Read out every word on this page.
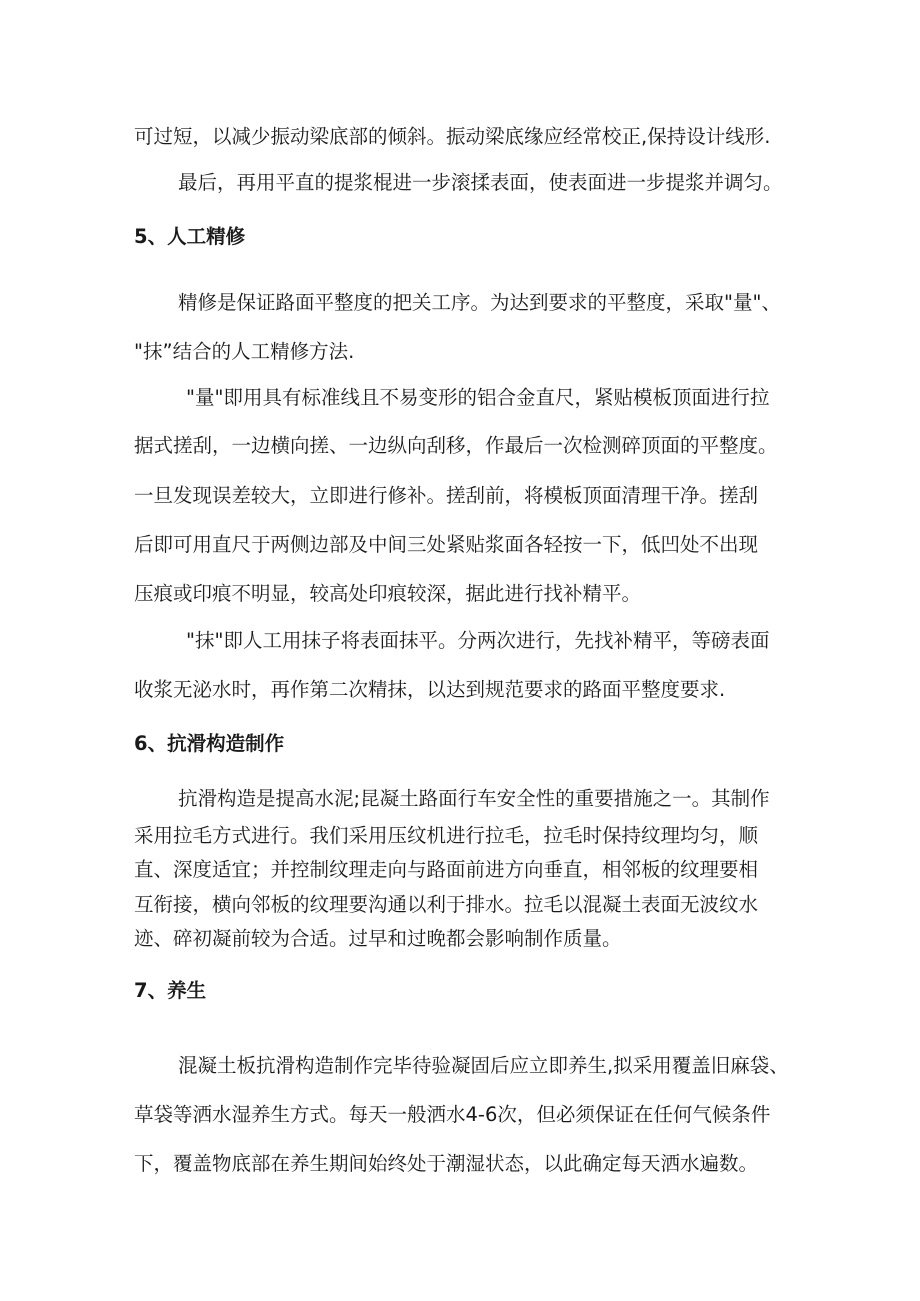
可过短，以减少振动梁底部的倾斜。振动梁底缘应经常校正,保持设计线形.
最后，再用平直的提浆棍进一步滚揉表面，使表面进一步提浆并调匀。
5、人工精修
精修是保证路面平整度的把关工序。为达到要求的平整度，采取"量"、
"抹”结合的人工精修方法.
"量"即用具有标准线且不易变形的铝合金直尺，紧贴模板顶面进行拉
据式搓刮，一边横向搓、一边纵向刮移，作最后一次检测碎顶面的平整度。
一旦发现误差较大，立即进行修补。搓刮前，将模板顶面清理干净。搓刮
后即可用直尺于两侧边部及中间三处紧贴浆面各轻按一下，低凹处不出现
压痕或印痕不明显，较高处印痕较深，据此进行找补精平。
"抹"即人工用抹子将表面抹平。分两次进行，先找补精平，等磅表面
收浆无泌水时，再作第二次精抹，以达到规范要求的路面平整度要求.
6、抗滑构造制作
抗滑构造是提高水泥;昆凝土路面行车安全性的重要措施之一。其制作
采用拉毛方式进行。我们采用压纹机进行拉毛，拉毛时保持纹理均匀，顺
直、深度适宜；并控制纹理走向与路面前进方向垂直，相邻板的纹理要相
互衔接，横向邻板的纹理要沟通以利于排水。拉毛以混凝土表面无波纹水
迹、碎初凝前较为合适。过早和过晚都会影响制作质量。
7、养生
混凝土板抗滑构造制作完毕待验凝固后应立即养生,拟采用覆盖旧麻袋、
草袋等洒水湿养生方式。每天一般洒水4-6次，但必须保证在任何气候条件
下，覆盖物底部在养生期间始终处于潮湿状态，以此确定每天洒水遍数。
